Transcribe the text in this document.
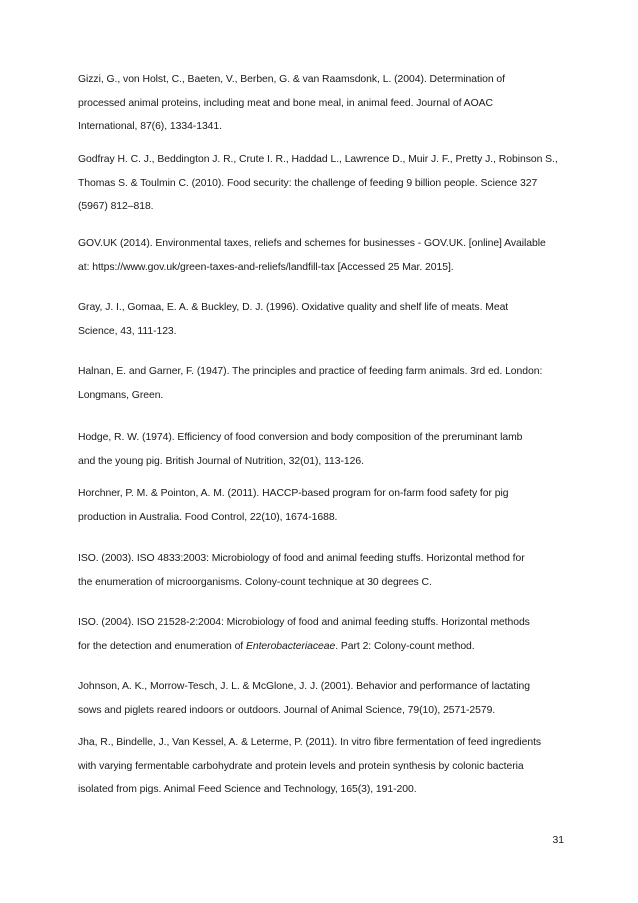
Gizzi, G., von Holst, C., Baeten, V., Berben, G. & van Raamsdonk, L. (2004). Determination of
processed animal proteins, including meat and bone meal, in animal feed. Journal of AOAC
International, 87(6), 1334-1341.
Godfray H. C. J., Beddington J. R., Crute I. R., Haddad L., Lawrence D., Muir J. F., Pretty J., Robinson S.,
Thomas S. & Toulmin C. (2010). Food security: the challenge of feeding 9 billion people. Science 327
(5967) 812–818.
GOV.UK (2014). Environmental taxes, reliefs and schemes for businesses - GOV.UK. [online] Available
at: https://www.gov.uk/green-taxes-and-reliefs/landfill-tax [Accessed 25 Mar. 2015].
Gray, J. I., Gomaa, E. A. & Buckley, D. J. (1996). Oxidative quality and shelf life of meats. Meat
Science, 43, 111-123.
Halnan, E. and Garner, F. (1947). The principles and practice of feeding farm animals. 3rd ed. London:
Longmans, Green.
Hodge, R. W. (1974). Efficiency of food conversion and body composition of the preruminant lamb
and the young pig. British Journal of Nutrition, 32(01), 113-126.
Horchner, P. M. & Pointon, A. M. (2011). HACCP-based program for on-farm food safety for pig
production in Australia. Food Control, 22(10), 1674-1688.
ISO. (2003). ISO 4833:2003: Microbiology of food and animal feeding stuffs. Horizontal method for
the enumeration of microorganisms. Colony-count technique at 30 degrees C.
ISO. (2004). ISO 21528-2:2004: Microbiology of food and animal feeding stuffs. Horizontal methods
for the detection and enumeration of Enterobacteriaceae. Part 2: Colony-count method.
Johnson, A. K., Morrow-Tesch, J. L. & McGlone, J. J. (2001). Behavior and performance of lactating
sows and piglets reared indoors or outdoors. Journal of Animal Science, 79(10), 2571-2579.
Jha, R., Bindelle, J., Van Kessel, A. & Leterme, P. (2011). In vitro fibre fermentation of feed ingredients
with varying fermentable carbohydrate and protein levels and protein synthesis by colonic bacteria
isolated from pigs. Animal Feed Science and Technology, 165(3), 191-200.
31
